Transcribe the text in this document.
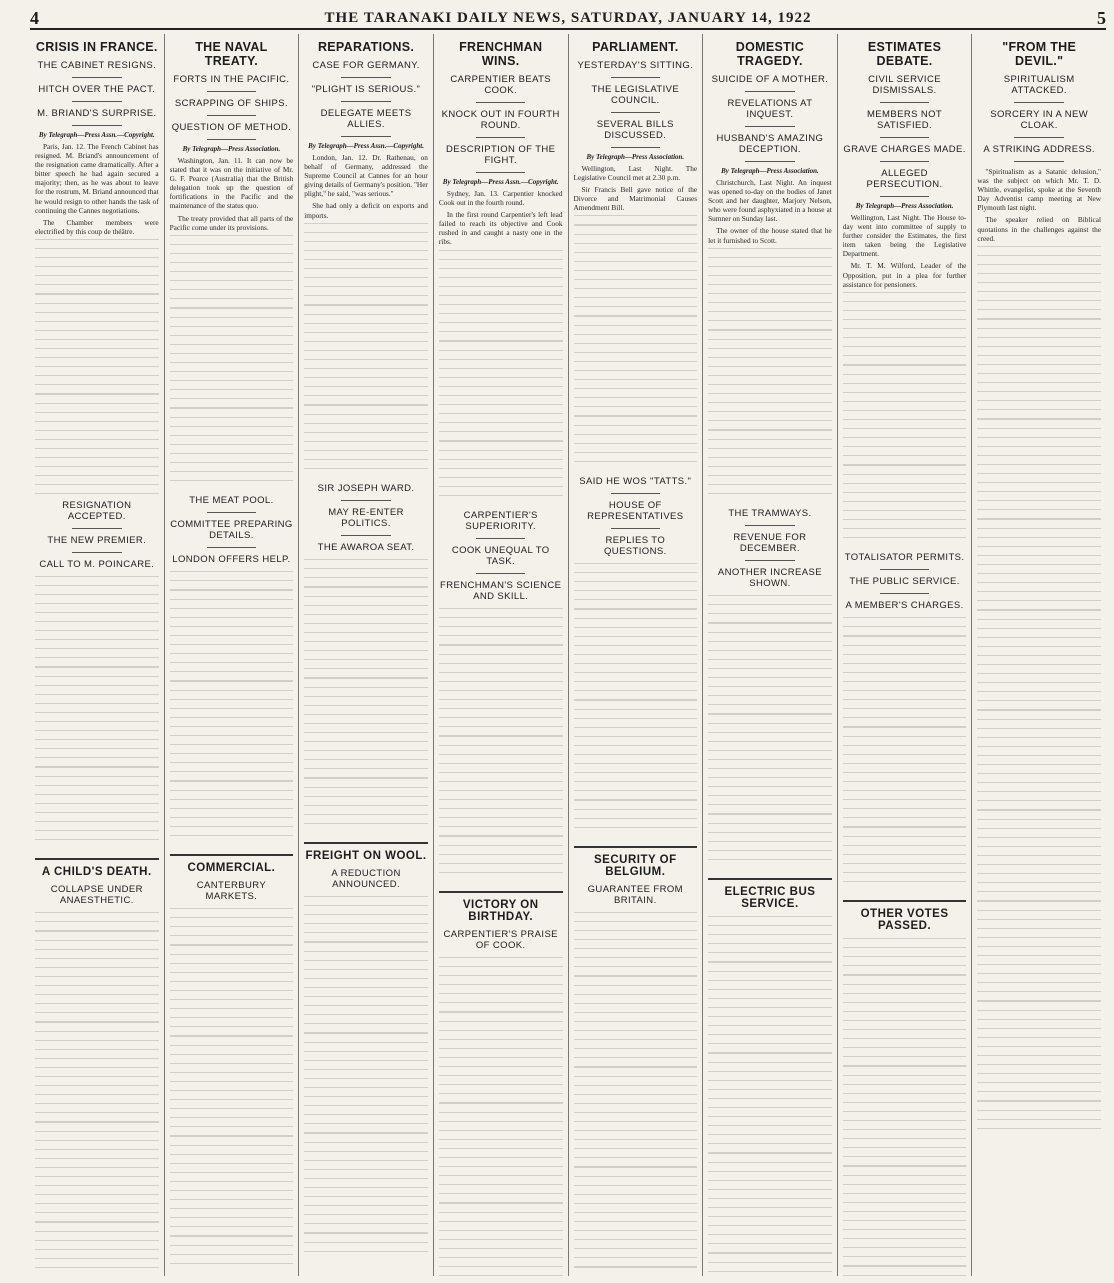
4	THE TARANAKI DAILY NEWS, SATURDAY, JANUARY 14, 1922	5
CRISIS IN FRANCE.
THE CABINET RESIGNS.
HITCH OVER THE PACT.
M. BRIAND'S SURPRISE.
By Telegraph—Press Assn.—Copyright.

Paris, Jan. 12. The French Cabinet has resigned. M. Briand's announcement of the resignation came dramatically. After a bitter speech he had again secured a majority; then, as he was about to leave for the rostrum, M. Briand announced that he would resign to other hands the task of continuing the Cannes negotiations.

The Chamber members were electrified by this coup de théâtre.

RESIGNATION ACCEPTED.
THE NEW PREMIER.
CALL TO M. POINCARE.
A CHILD'S DEATH.
COLLAPSE UNDER ANAESTHETIC.
THE NAVAL TREATY.
FORTS IN THE PACIFIC.
SCRAPPING OF SHIPS.
QUESTION OF METHOD.
By Telegraph—Press Association.

Washington, Jan. 11. It can now be stated that it was on the initiative of Mr. G. F. Pearce (Australia) that the British delegation took up the question of fortifications in the Pacific and the maintenance of the status quo.

The treaty provided that all parts of the Pacific come under its provisions.

THE MEAT POOL.
COMMITTEE PREPARING DETAILS.
LONDON OFFERS HELP.
COMMERCIAL.
CANTERBURY MARKETS.
REPARATIONS.
CASE FOR GERMANY.
"PLIGHT IS SERIOUS."
DELEGATE MEETS ALLIES.
By Telegraph—Press Assn.—Copyright.

London, Jan. 12. Dr. Rathenau, on behalf of Germany, addressed the Supreme Council at Cannes for an hour giving details of Germany's position. "Her plight," he said, "was serious."

She had only a deficit on exports and imports.

SIR JOSEPH WARD.
MAY RE-ENTER POLITICS.
THE AWAROA SEAT.
FREIGHT ON WOOL.
A REDUCTION ANNOUNCED.
FRENCHMAN WINS.
CARPENTIER BEATS COOK.
KNOCK OUT IN FOURTH ROUND.
DESCRIPTION OF THE FIGHT.
By Telegraph—Press Assn.—Copyright.

Sydney, Jan. 13. Carpentier knocked Cook out in the fourth round.

In the first round Carpentier's left lead failed to reach its objective and Cook rushed in and caught a nasty one in the ribs.

CARPENTIER'S SUPERIORITY.
COOK UNEQUAL TO TASK.
FRENCHMAN'S SCIENCE AND SKILL.
VICTORY ON BIRTHDAY.
CARPENTIER'S PRAISE OF COOK.
PARLIAMENT.
YESTERDAY'S SITTING.
THE LEGISLATIVE COUNCIL.
SEVERAL BILLS DISCUSSED.
By Telegraph—Press Association.

Wellington, Last Night. The Legislative Council met at 2.30 p.m.

Sir Francis Bell gave notice of the Divorce and Matrimonial Causes Amendment Bill.

SAID HE WOS "TATTS."
HOUSE OF REPRESENTATIVES
REPLIES TO QUESTIONS.
SECURITY OF BELGIUM.
GUARANTEE FROM BRITAIN.
DOMESTIC TRAGEDY.
SUICIDE OF A MOTHER.
REVELATIONS AT INQUEST.
HUSBAND'S AMAZING DECEPTION.
By Telegraph—Press Association.

Christchurch, Last Night. An inquest was opened to-day on the bodies of Janet Scott and her daughter, Marjory Nelson, who were found asphyxiated in a house at Sumner on Sunday last.

The owner of the house stated that he let it furnished to Scott.

THE TRAMWAYS.
REVENUE FOR DECEMBER.
ANOTHER INCREASE SHOWN.
ELECTRIC BUS SERVICE.
ESTIMATES DEBATE.
CIVIL SERVICE DISMISSALS.
MEMBERS NOT SATISFIED.
GRAVE CHARGES MADE.
ALLEGED PERSECUTION.
By Telegraph—Press Association.

Wellington, Last Night. The House to-day went into committee of supply to further consider the Estimates, the first item taken being the Legislative Department.

Mr. T. M. Wilford, Leader of the Opposition, put in a plea for further assistance for pensioners.

TOTALISATOR PERMITS.
THE PUBLIC SERVICE.
A MEMBER'S CHARGES.
OTHER VOTES PASSED.
"FROM THE DEVIL."
SPIRITUALISM ATTACKED.
SORCERY IN A NEW CLOAK.
A STRIKING ADDRESS.

"Spiritualism as a Satanic delusion," was the subject on which Mr. T. D. Whittle, evangelist, spoke at the Seventh Day Adventist camp meeting at New Plymouth last night.

The speaker relied on Biblical quotations in the challenges against the creed.
